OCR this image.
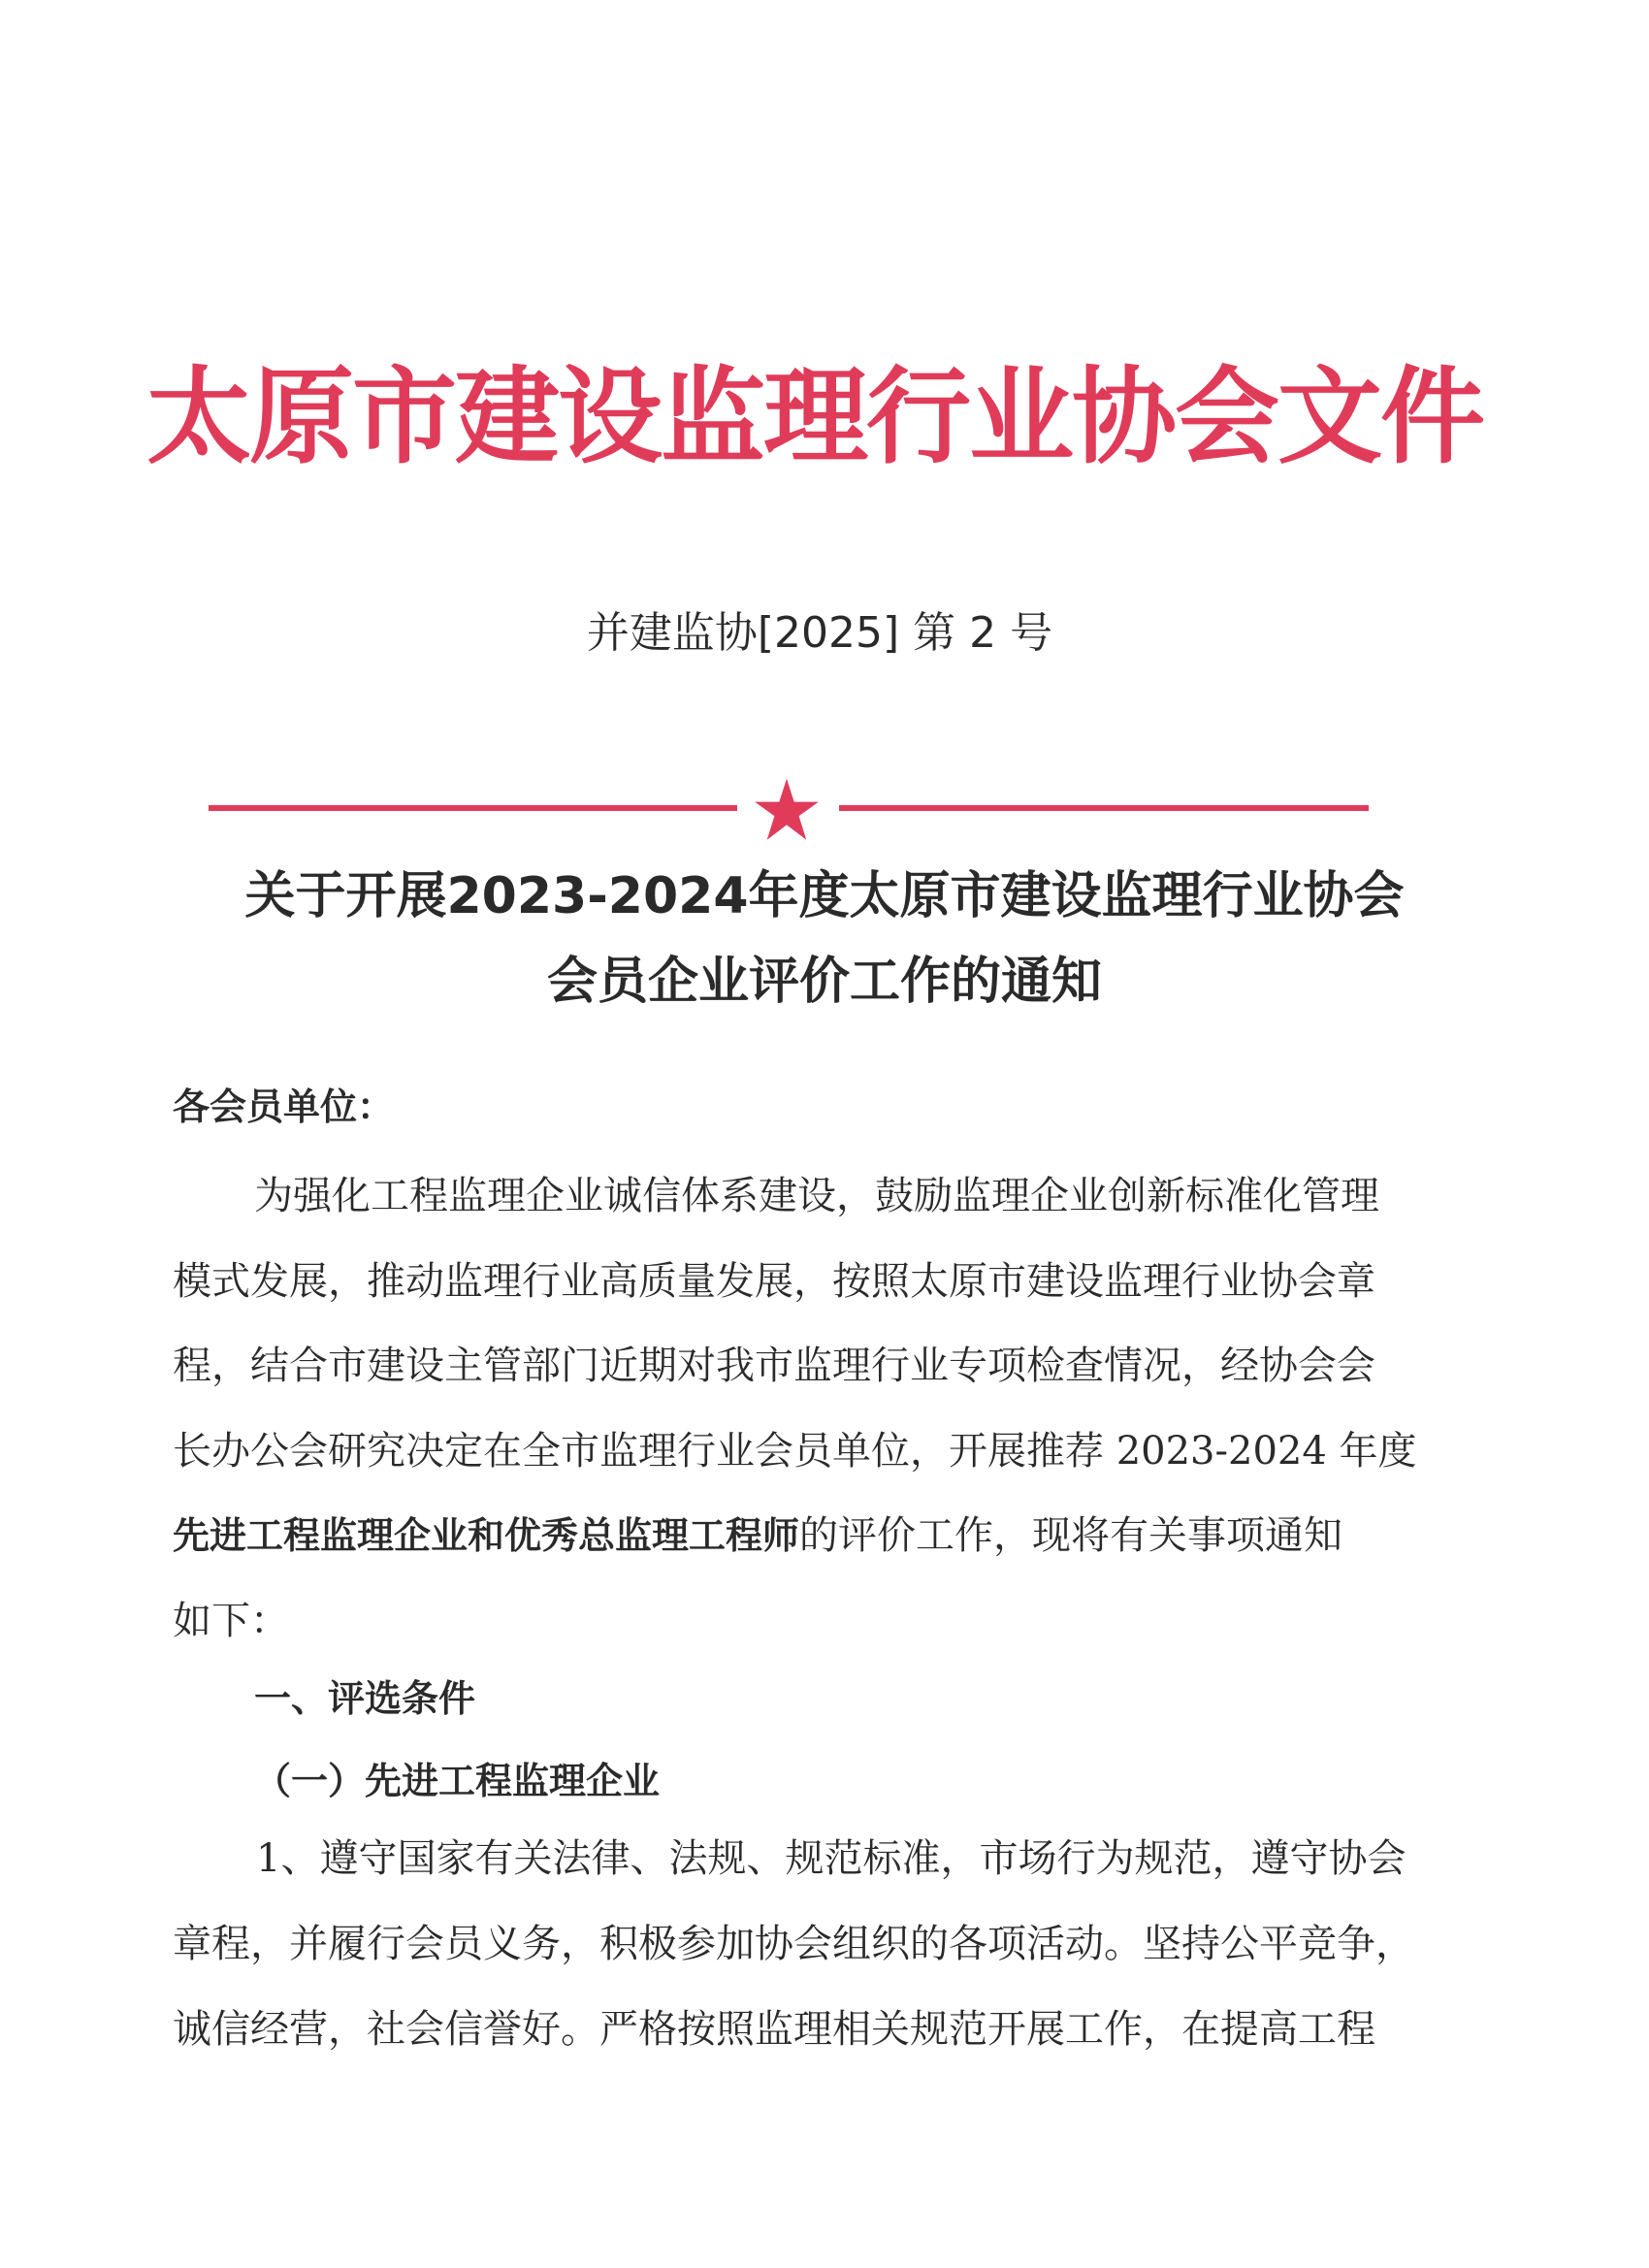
太原市建设监理行业协会文件
并建监协[2025] 第 2 号
关于开展2023-2024年度太原市建设监理行业协会
会员企业评价工作的通知
各会员单位：
为强化工程监理企业诚信体系建设，鼓励监理企业创新标准化管理
模式发展，推动监理行业高质量发展，按照太原市建设监理行业协会章
程，结合市建设主管部门近期对我市监理行业专项检查情况，经协会会
长办公会研究决定在全市监理行业会员单位，开展推荐 2023-2024 年度
先进工程监理企业和优秀总监理工程师的评价工作，现将有关事项通知
如下：
一、评选条件
（一）先进工程监理企业
1、遵守国家有关法律、法规、规范标准，市场行为规范，遵守协会
章程，并履行会员义务，积极参加协会组织的各项活动。坚持公平竞争，
诚信经营，社会信誉好。严格按照监理相关规范开展工作，在提高工程
